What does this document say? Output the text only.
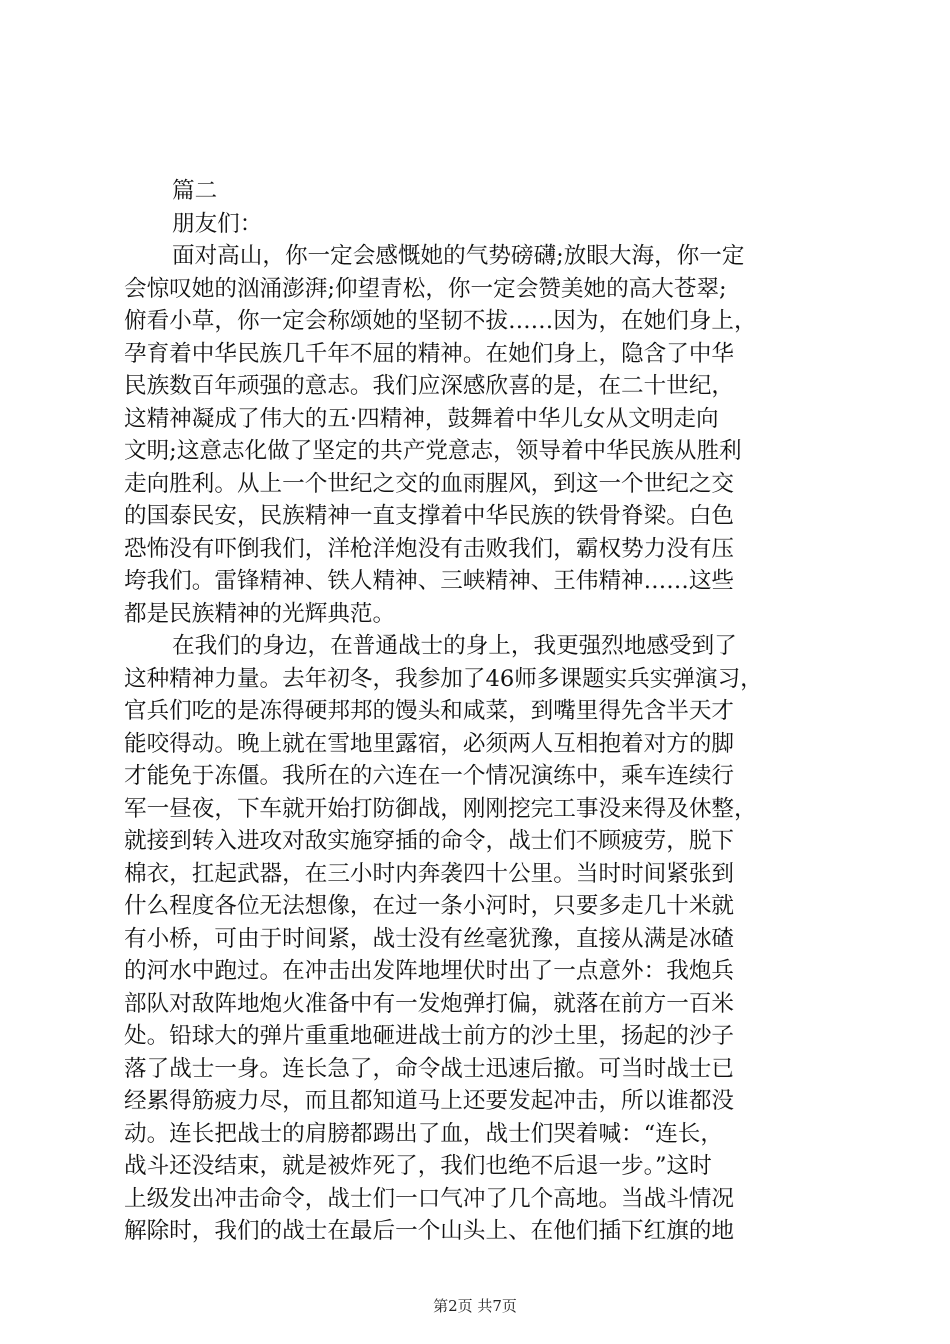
篇二
朋友们：
面对高山，你一定会感慨她的气势磅礴;放眼大海，你一定
会惊叹她的汹涌澎湃;仰望青松，你一定会赞美她的高大苍翠;
俯看小草，你一定会称颂她的坚韧不拔……因为，在她们身上，
孕育着中华民族几千年不屈的精神。在她们身上，隐含了中华
民族数百年顽强的意志。我们应深感欣喜的是，在二十世纪，
这精神凝成了伟大的五·四精神，鼓舞着中华儿女从文明走向
文明;这意志化做了坚定的共产党意志，领导着中华民族从胜利
走向胜利。从上一个世纪之交的血雨腥风，到这一个世纪之交
的国泰民安，民族精神一直支撑着中华民族的铁骨脊梁。白色
恐怖没有吓倒我们，洋枪洋炮没有击败我们，霸权势力没有压
垮我们。雷锋精神、铁人精神、三峡精神、王伟精神……这些
都是民族精神的光辉典范。
在我们的身边，在普通战士的身上，我更强烈地感受到了
这种精神力量。去年初冬，我参加了46师多课题实兵实弹演习，
官兵们吃的是冻得硬邦邦的馒头和咸菜，到嘴里得先含半天才
能咬得动。晚上就在雪地里露宿，必须两人互相抱着对方的脚
才能免于冻僵。我所在的六连在一个情况演练中，乘车连续行
军一昼夜，下车就开始打防御战，刚刚挖完工事没来得及休整，
就接到转入进攻对敌实施穿插的命令，战士们不顾疲劳，脱下
棉衣，扛起武器，在三小时内奔袭四十公里。当时时间紧张到
什么程度各位无法想像，在过一条小河时，只要多走几十米就
有小桥，可由于时间紧，战士没有丝毫犹豫，直接从满是冰碴
的河水中跑过。在冲击出发阵地埋伏时出了一点意外：我炮兵
部队对敌阵地炮火准备中有一发炮弹打偏，就落在前方一百米
处。铅球大的弹片重重地砸进战士前方的沙土里，扬起的沙子
落了战士一身。连长急了，命令战士迅速后撤。可当时战士已
经累得筋疲力尽，而且都知道马上还要发起冲击，所以谁都没
动。连长把战士的肩膀都踢出了血，战士们哭着喊：“连长，
战斗还没结束，就是被炸死了，我们也绝不后退一步。”这时
上级发出冲击命令，战士们一口气冲了几个高地。当战斗情况
解除时，我们的战士在最后一个山头上、在他们插下红旗的地
第2页 共7页
